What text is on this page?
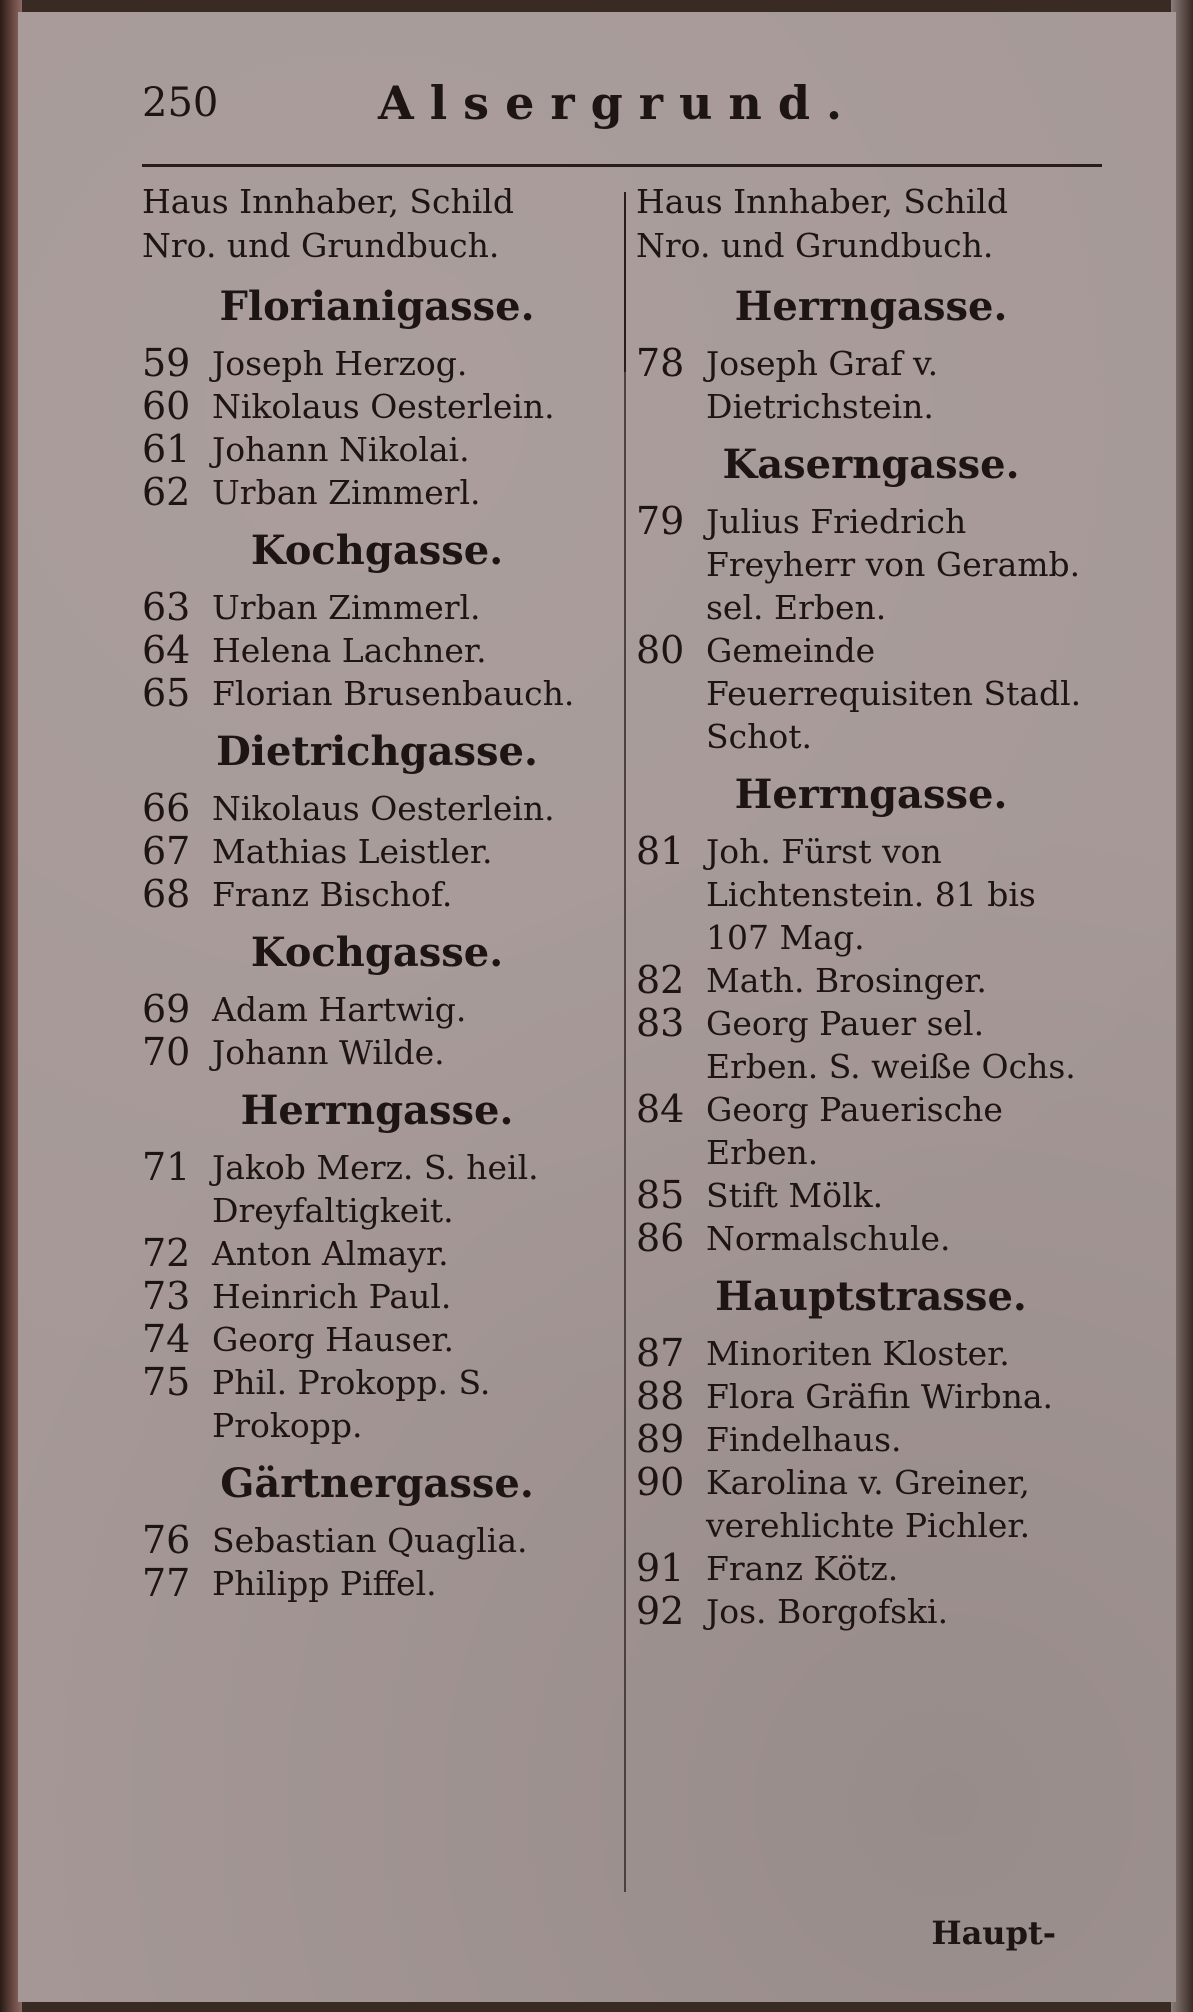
250	Alsergrund.
Haus Innhaber, Schild
Nro. und Grundbuch.
Florianigasse.
59 Joseph Herzog.
60 Nikolaus Oesterlein.
61 Johann Nikolai.
62 Urban Zimmerl.
Kochgasse.
63 Urban Zimmerl.
64 Helena Lachner.
65 Florian Brusenbauch.
Dietrichgasse.
66 Nikolaus Oesterlein.
67 Mathias Leistler.
68 Franz Bischof.
Kochgasse.
69 Adam Hartwig.
70 Johann Wilde.
Herrngasse.
71 Jakob Merz. S. heil. Dreyfaltigkeit.
72 Anton Almayr.
73 Heinrich Paul.
74 Georg Hauser.
75 Phil. Prokopp. S. Prokopp.
Gärtnergasse.
76 Sebastian Quaglia.
77 Philipp Piffel.
Haus Innhaber, Schild
Nro. und Grundbuch.
Herrngasse.
78 Joseph Graf v. Dietrichstein.
Kaserngasse.
79 Julius Friedrich Freyherr von Geramb. sel. Erben.
80 Gemeinde Feuerrequisiten Stadl. Schot.
Herrngasse.
81 Joh. Fürst von Lichtenstein. 81 bis 107 Mag.
82 Math. Brosinger.
83 Georg Pauer sel. Erben. S. weiße Ochs.
84 Georg Pauerische Erben.
85 Stift Mölk.
86 Normalschule.
Hauptstrasse.
87 Minoriten Kloster.
88 Flora Gräfin Wirbna.
89 Findelhaus.
90 Karolina v. Greiner, verehlichte Pichler.
91 Franz Kötz.
92 Jos. Borgofski.
Haupt-
